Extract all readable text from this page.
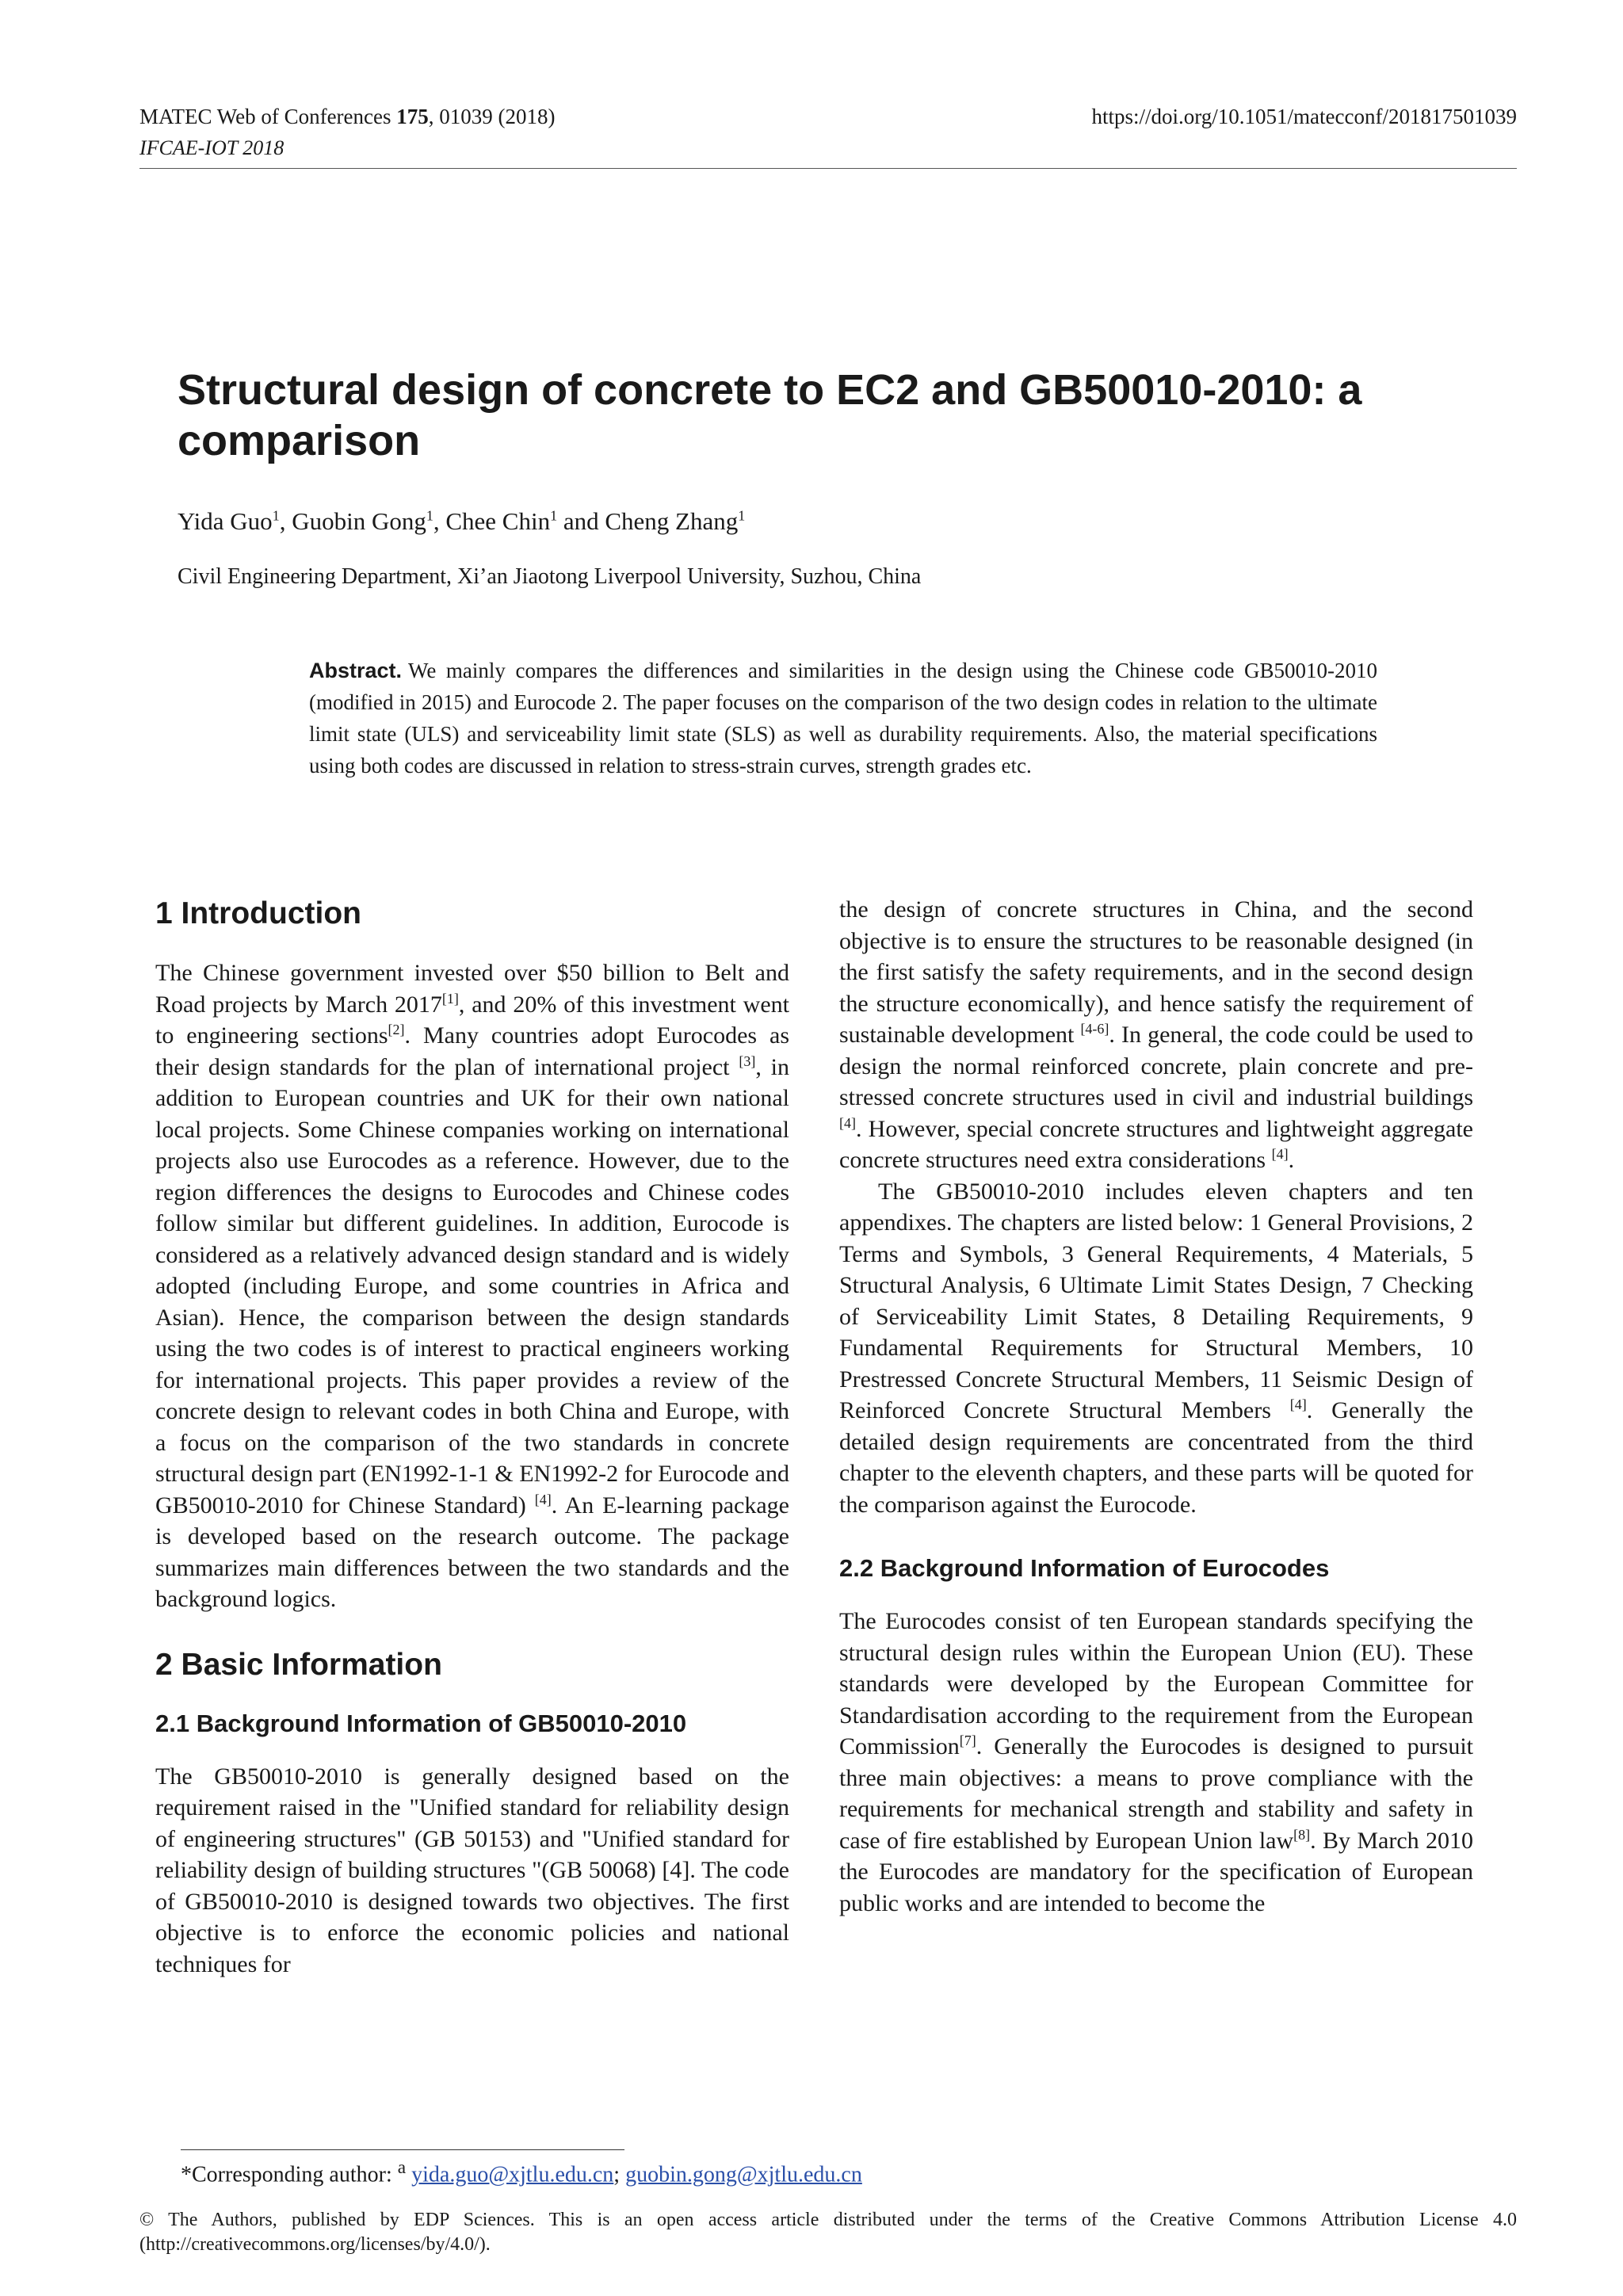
MATEC Web of Conferences 175, 01039 (2018)
IFCAE-IOT 2018
https://doi.org/10.1051/matecconf/201817501039
Structural design of concrete to EC2 and GB50010-2010: a comparison
Yida Guo$^1$, Guobin Gong$^1$, Chee Chin$^1$ and Cheng Zhang$^1$
Civil Engineering Department, Xi’an Jiaotong Liverpool University, Suzhou, China

Abstract. We mainly compares the differences and similarities in the design using the Chinese code GB50010-2010 (modified in 2015) and Eurocode 2. The paper focuses on the comparison of the two design codes in relation to the ultimate limit state (ULS) and serviceability limit state (SLS) as well as durability requirements. Also, the material specifications using both codes are discussed in relation to stress-strain curves, strength grades etc.

1 Introduction

The Chinese government invested over $50 billion to Belt and Road projects by March 2017[1], and 20% of this investment went to engineering sections[2]. Many countries adopt Eurocodes as their design standards for the plan of international project [3], in addition to European countries and UK for their own national local projects. Some Chinese companies working on international projects also use Eurocodes as a reference. However, due to the region differences the designs to Eurocodes and Chinese codes follow similar but different guidelines. In addition, Eurocode is considered as a relatively advanced design standard and is widely adopted (including Europe, and some countries in Africa and Asian). Hence, the comparison between the design standards using the two codes is of interest to practical engineers working for international projects. This paper provides a review of the concrete design to relevant codes in both China and Europe, with a focus on the comparison of the two standards in concrete structural design part (EN1992-1-1 & EN1992-2 for Eurocode and GB50010-2010 for Chinese Standard) [4]. An E-learning package is developed based on the research outcome. The package summarizes main differences between the two standards and the background logics.

2 Basic Information
2.1 Background Information of GB50010-2010

The GB50010-2010 is generally designed based on the requirement raised in the "Unified standard for reliability design of engineering structures" (GB 50153) and "Unified standard for reliability design of building structures "(GB 50068) [4]. The code of GB50010-2010 is designed towards two objectives. The first objective is to enforce the economic policies and national techniques for

the design of concrete structures in China, and the second objective is to ensure the structures to be reasonable designed (in the first satisfy the safety requirements, and in the second design the structure economically), and hence satisfy the requirement of sustainable development [4-6]. In general, the code could be used to design the normal reinforced concrete, plain concrete and pre-stressed concrete structures used in civil and industrial buildings [4]. However, special concrete structures and lightweight aggregate concrete structures need extra considerations [4].

The GB50010-2010 includes eleven chapters and ten appendixes. The chapters are listed below: 1 General Provisions, 2 Terms and Symbols, 3 General Requirements, 4 Materials, 5 Structural Analysis, 6 Ultimate Limit States Design, 7 Checking of Serviceability Limit States, 8 Detailing Requirements, 9 Fundamental Requirements for Structural Members, 10 Prestressed Concrete Structural Members, 11 Seismic Design of Reinforced Concrete Structural Members [4]. Generally the detailed design requirements are concentrated from the third chapter to the eleventh chapters, and these parts will be quoted for the comparison against the Eurocode.

2.2 Background Information of Eurocodes

The Eurocodes consist of ten European standards specifying the structural design rules within the European Union (EU). These standards were developed by the European Committee for Standardisation according to the requirement from the European Commission[7]. Generally the Eurocodes is designed to pursuit three main objectives: a means to prove compliance with the requirements for mechanical strength and stability and safety in case of fire established by European Union law[8]. By March 2010 the Eurocodes are mandatory for the specification of European public works and are intended to become the

*Corresponding author: $^a$ yida.guo@xjtlu.edu.cn; guobin.gong@xjtlu.edu.cn

© The Authors, published by EDP Sciences. This is an open access article distributed under the terms of the Creative Commons Attribution License 4.0 (http://creativecommons.org/licenses/by/4.0/).
